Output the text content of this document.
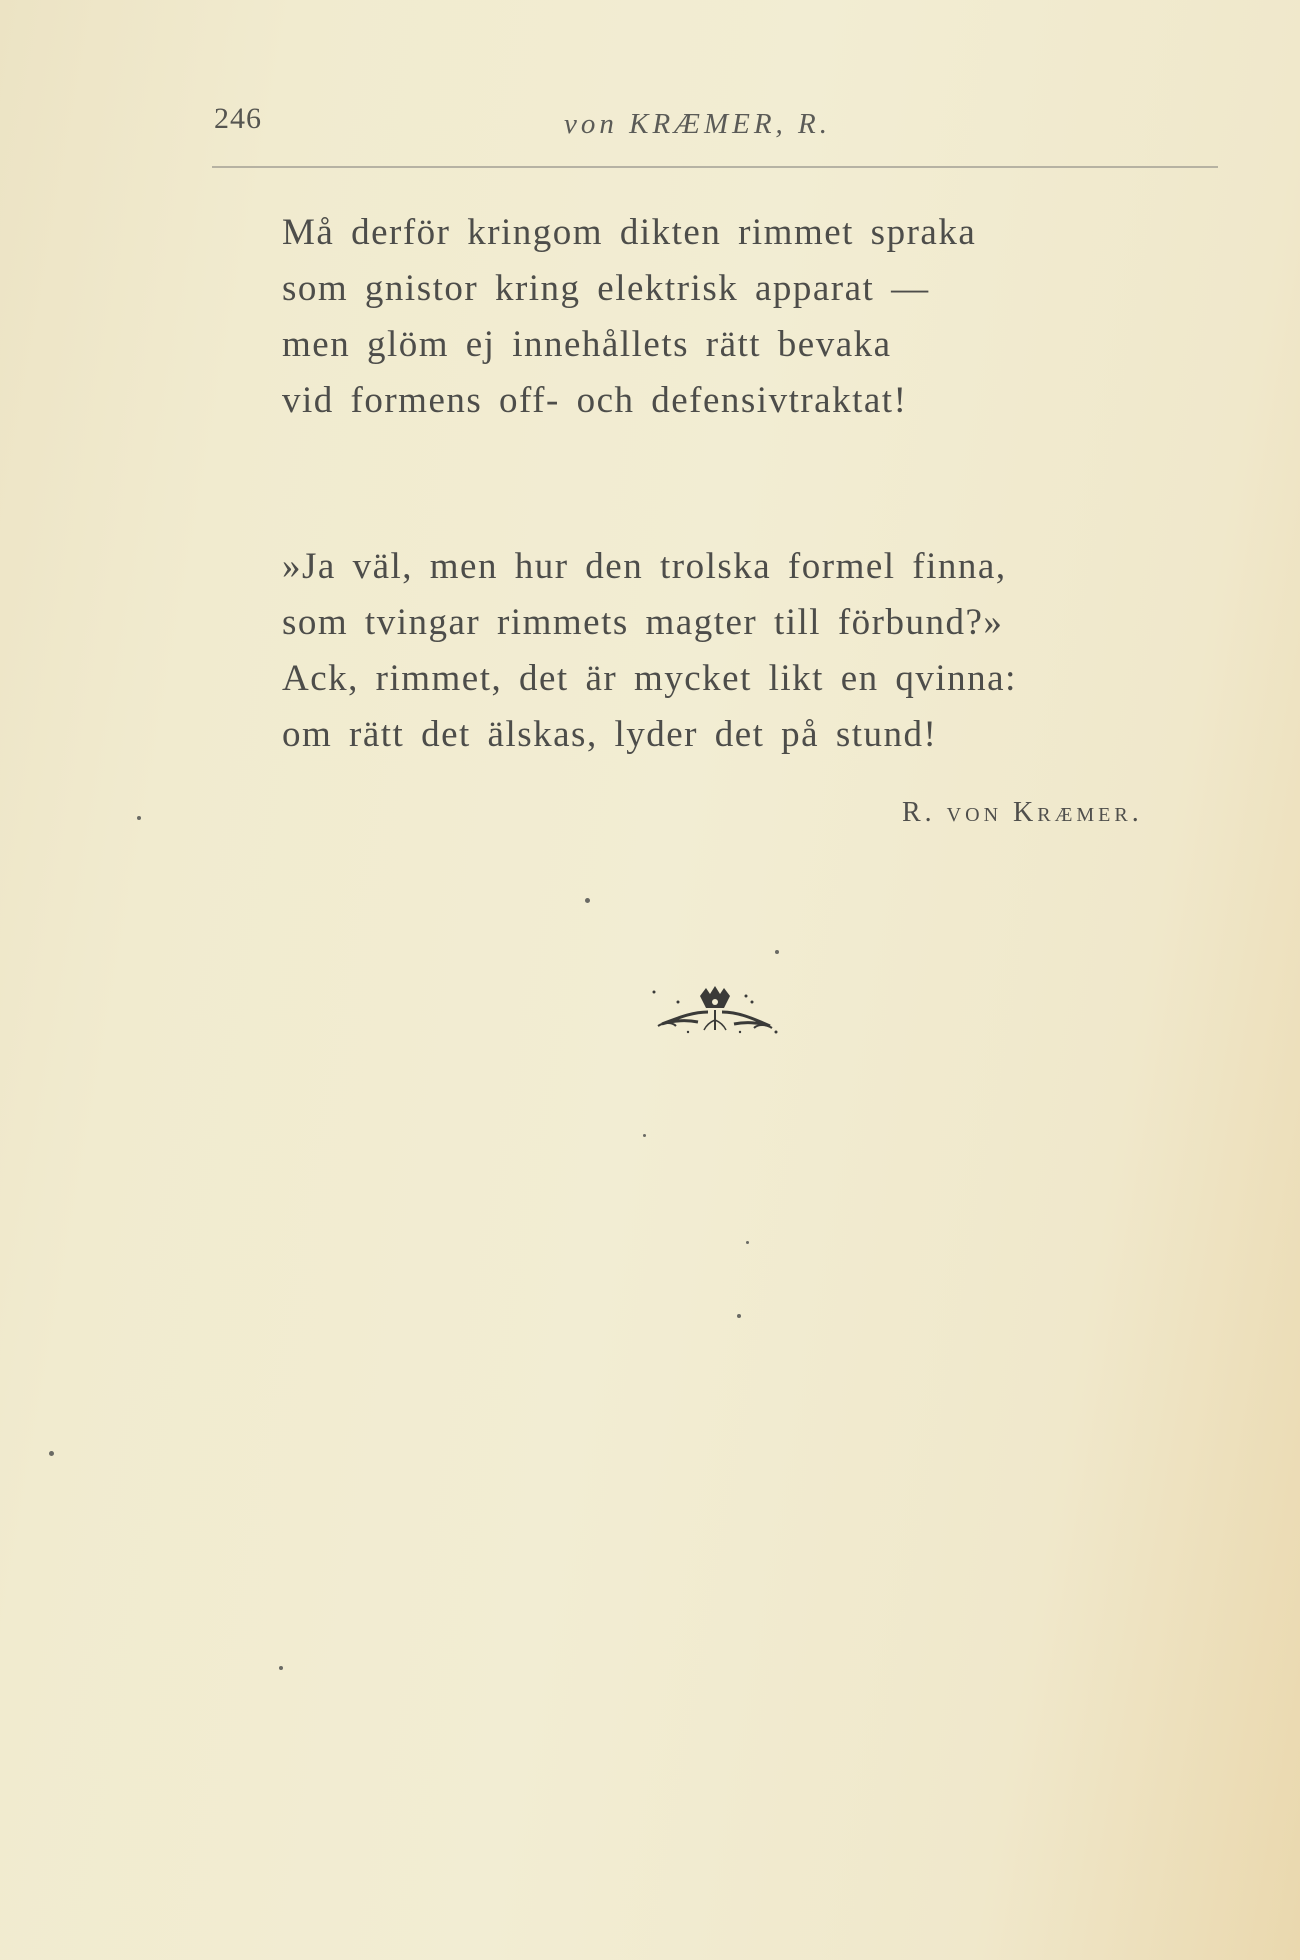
246	von KRÆMER, R.
Må derför kringom dikten rimmet spraka
som gnistor kring elektrisk apparat —
men glöm ej innehållets rätt bevaka
vid formens off- och defensivtraktat!
»Ja väl, men hur den trolska formel finna,
som tvingar rimmets magter till förbund?»
Ack, rimmet, det är mycket likt en qvinna:
om rätt det älskas, lyder det på stund!
R. von Kræmer.
